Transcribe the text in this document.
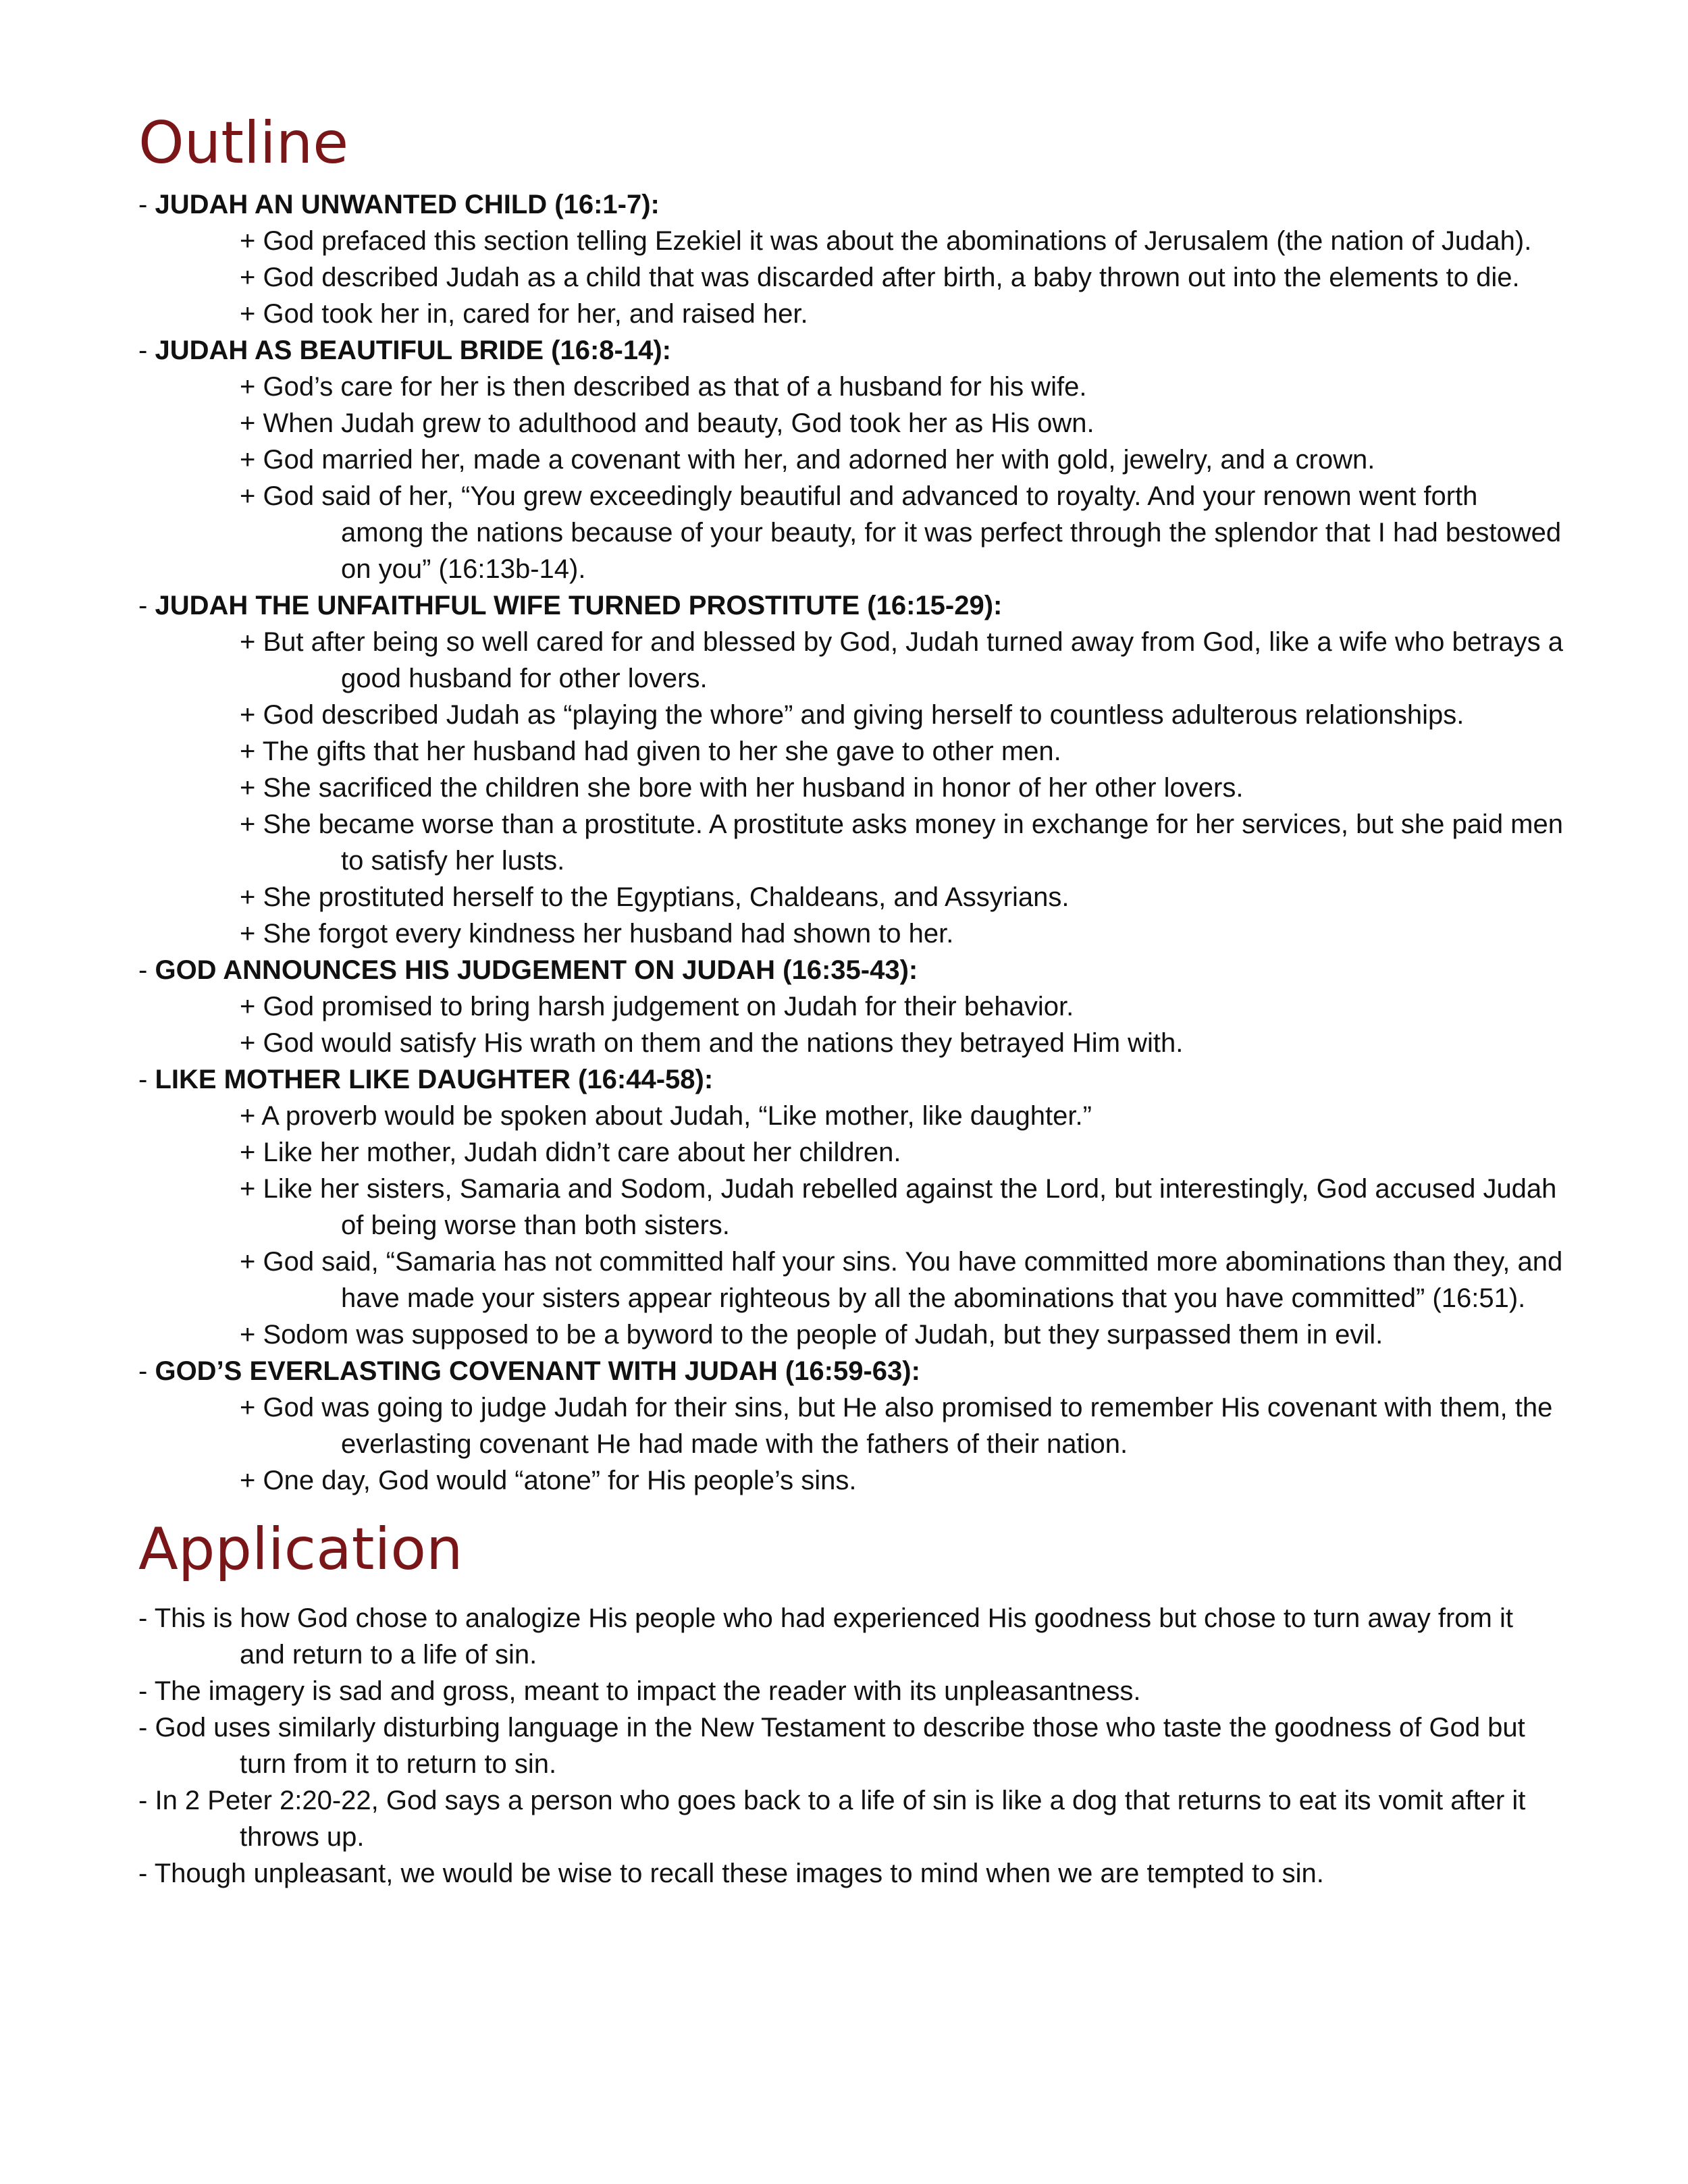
Outline
- JUDAH AN UNWANTED CHILD (16:1-7):
+ God prefaced this section telling Ezekiel it was about the abominations of Jerusalem (the nation of Judah).
+ God described Judah as a child that was discarded after birth, a baby thrown out into the elements to die.
+ God took her in, cared for her, and raised her.
- JUDAH AS BEAUTIFUL BRIDE (16:8-14):
+ God’s care for her is then described as that of a husband for his wife.
+ When Judah grew to adulthood and beauty, God took her as His own.
+ God married her, made a covenant with her, and adorned her with gold, jewelry, and a crown.
+ God said of her, “You grew exceedingly beautiful and advanced to royalty. And your renown went forth among the nations because of your beauty, for it was perfect through the splendor that I had bestowed on you” (16:13b-14).
- JUDAH THE UNFAITHFUL WIFE TURNED PROSTITUTE (16:15-29):
+ But after being so well cared for and blessed by God, Judah turned away from God, like a wife who betrays a good husband for other lovers.
+ God described Judah as “playing the whore” and giving herself to countless adulterous relationships.
+ The gifts that her husband had given to her she gave to other men.
+ She sacrificed the children she bore with her husband in honor of her other lovers.
+ She became worse than a prostitute. A prostitute asks money in exchange for her services, but she paid men to satisfy her lusts.
+ She prostituted herself to the Egyptians, Chaldeans, and Assyrians.
+ She forgot every kindness her husband had shown to her.
- GOD ANNOUNCES HIS JUDGEMENT ON JUDAH (16:35-43):
+ God promised to bring harsh judgement on Judah for their behavior.
+ God would satisfy His wrath on them and the nations they betrayed Him with.
- LIKE MOTHER LIKE DAUGHTER (16:44-58):
+ A proverb would be spoken about Judah, “Like mother, like daughter.”
+ Like her mother, Judah didn’t care about her children.
+ Like her sisters, Samaria and Sodom, Judah rebelled against the Lord, but interestingly, God accused Judah of being worse than both sisters.
+ God said, “Samaria has not committed half your sins. You have committed more abominations than they, and have made your sisters appear righteous by all the abominations that you have committed” (16:51).
+ Sodom was supposed to be a byword to the people of Judah, but they surpassed them in evil.
- GOD’S EVERLASTING COVENANT WITH JUDAH (16:59-63):
+ God was going to judge Judah for their sins, but He also promised to remember His covenant with them, the everlasting covenant He had made with the fathers of their nation.
+ One day, God would “atone” for His people’s sins.
Application
- This is how God chose to analogize His people who had experienced His goodness but chose to turn away from it and return to a life of sin.
- The imagery is sad and gross, meant to impact the reader with its unpleasantness.
- God uses similarly disturbing language in the New Testament to describe those who taste the goodness of God but turn from it to return to sin.
- In 2 Peter 2:20-22, God says a person who goes back to a life of sin is like a dog that returns to eat its vomit after it throws up.
- Though unpleasant, we would be wise to recall these images to mind when we are tempted to sin.
